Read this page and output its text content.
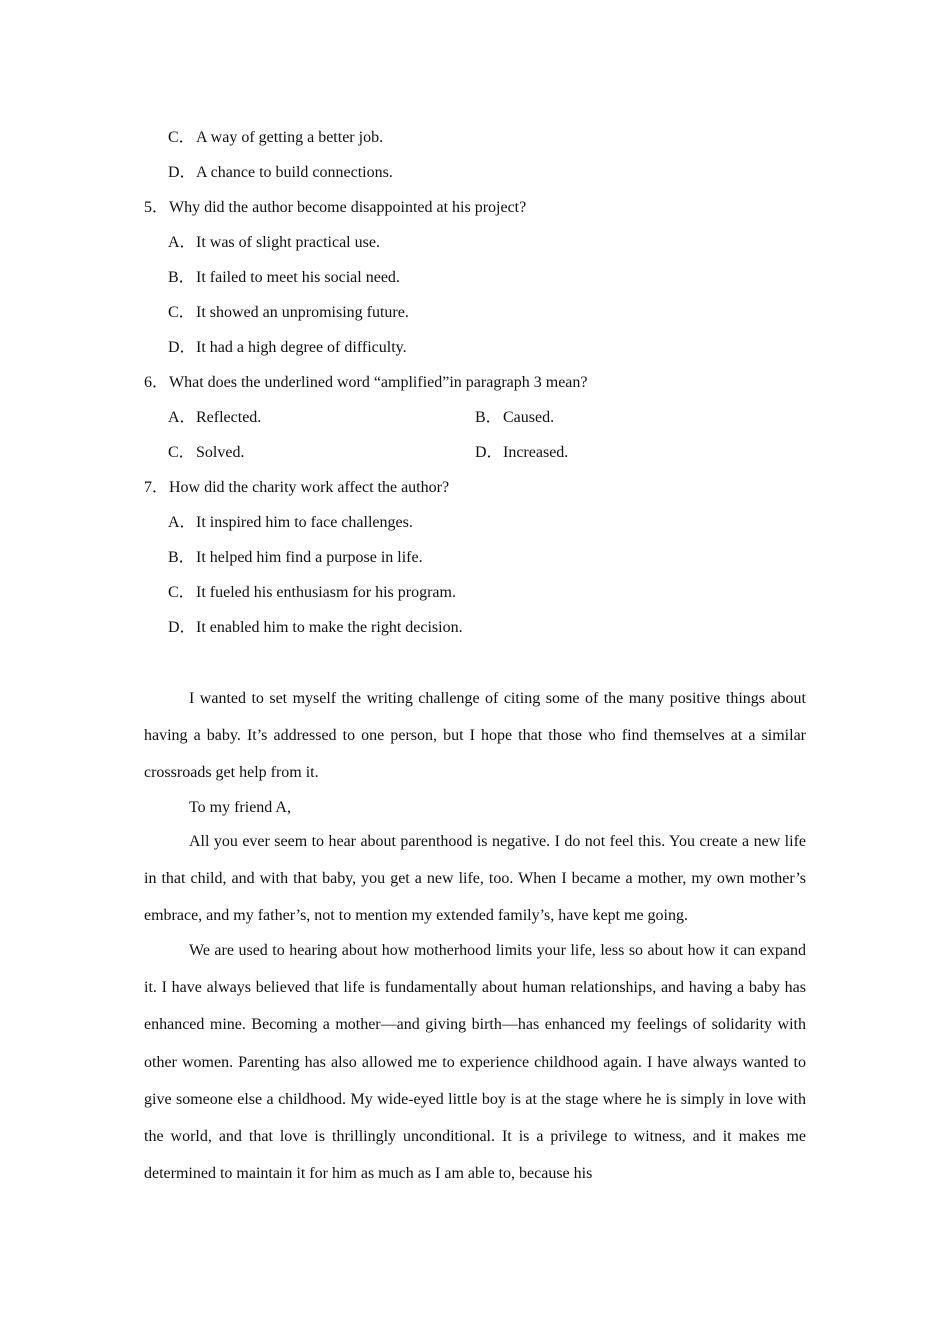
C．A way of getting a better job.
D．A chance to build connections.
5．Why did the author become disappointed at his project?
A．It was of slight practical use.
B．It failed to meet his social need.
C．It showed an unpromising future.
D．It had a high degree of difficulty.
6．What does the underlined word “amplified”in paragraph 3 mean?
A．Reflected.	B．Caused.
C．Solved.	D．Increased.
7．How did the charity work affect the author?
A．It inspired him to face challenges.
B．It helped him find a purpose in life.
C．It fueled his enthusiasm for his program.
D．It enabled him to make the right decision.

I wanted to set myself the writing challenge of citing some of the many positive things about having a baby. It’s addressed to one person, but I hope that those who find themselves at a similar crossroads get help from it.

To my friend A,

All you ever seem to hear about parenthood is negative. I do not feel this. You create a new life in that child, and with that baby, you get a new life, too. When I became a mother, my own mother’s embrace, and my father’s, not to mention my extended family’s, have kept me going.

We are used to hearing about how motherhood limits your life, less so about how it can expand it. I have always believed that life is fundamentally about human relationships, and having a baby has enhanced mine. Becoming a mother—and giving birth—has enhanced my feelings of solidarity with other women. Parenting has also allowed me to experience childhood again. I have always wanted to give someone else a childhood. My wide-eyed little boy is at the stage where he is simply in love with the world, and that love is thrillingly unconditional. It is a privilege to witness, and it makes me determined to maintain it for him as much as I am able to, because his
